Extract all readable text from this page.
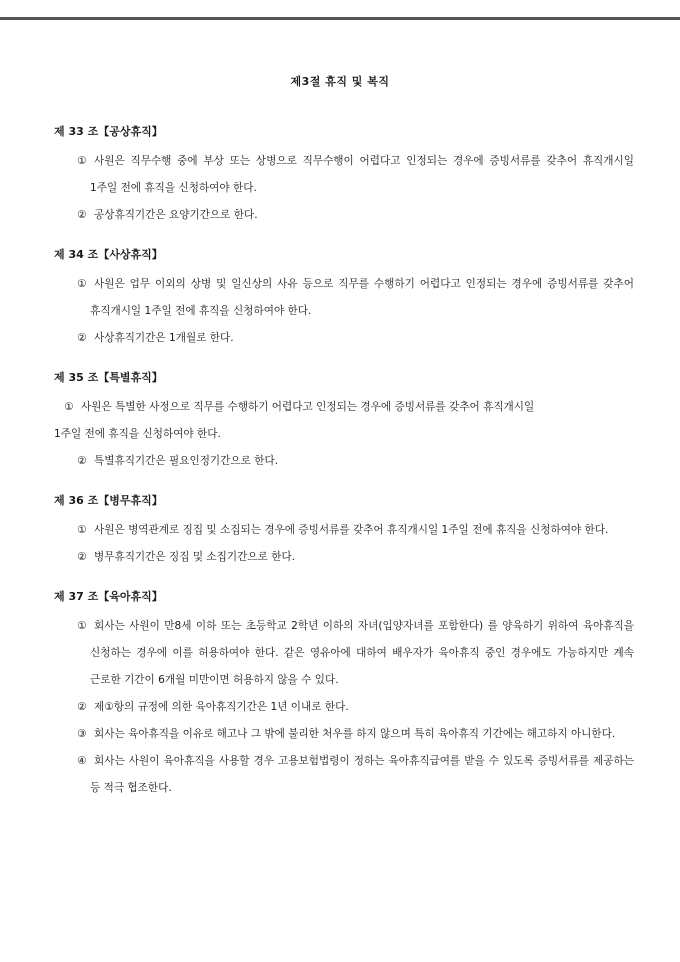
제3절 휴직 및 복직
제 33 조【공상휴직】
① 사원은 직무수행 중에 부상 또는 상병으로 직무수행이 어렵다고 인정되는 경우에 증빙서류를 갖추어 휴직개시일 1주일 전에 휴직을 신청하여야 한다.
② 공상휴직기간은 요양기간으로 한다.
제 34 조【사상휴직】
① 사원은 업무 이외의 상병 및 일신상의 사유 등으로 직무를 수행하기 어렵다고 인정되는 경우에 증빙서류를 갖추어 휴직개시일 1주일 전에 휴직을 신청하여야 한다.
② 사상휴직기간은 1개월로 한다.
제 35 조【특별휴직】
① 사원은 특별한 사정으로 직무를 수행하기 어렵다고 인정되는 경우에 증빙서류를 갖추어 휴직개시일
1주일 전에 휴직을 신청하여야 한다.
② 특별휴직기간은 필요인정기간으로 한다.
제 36 조【병무휴직】
① 사원은 병역관계로 징집 및 소집되는 경우에 증빙서류를 갖추어 휴직개시일 1주일 전에 휴직을 신청하여야 한다.
② 병무휴직기간은 징집 및 소집기간으로 한다.
제 37 조【육아휴직】
① 회사는 사원이 만8세 이하 또는 초등학교 2학년 이하의 자녀(입양자녀를 포함한다) 를 양육하기 위하여 육아휴직을 신청하는 경우에 이를 허용하여야 한다. 같은 영유아에 대하여 배우자가 육아휴직 중인 경우에도 가능하지만 계속 근로한 기간이 6개월 미만이면 허용하지 않을 수 있다.
② 제①항의 규정에 의한 육아휴직기간은 1년 이내로 한다.
③ 회사는 육아휴직을 이유로 해고나 그 밖에 불리한 처우를 하지 않으며 특히 육아휴직 기간에는 해고하지 아니한다.
④ 회사는 사원이 육아휴직을 사용할 경우 고용보험법령이 정하는 육아휴직급여를 받을 수 있도록 증빙서류를 제공하는 등 적극 협조한다.
